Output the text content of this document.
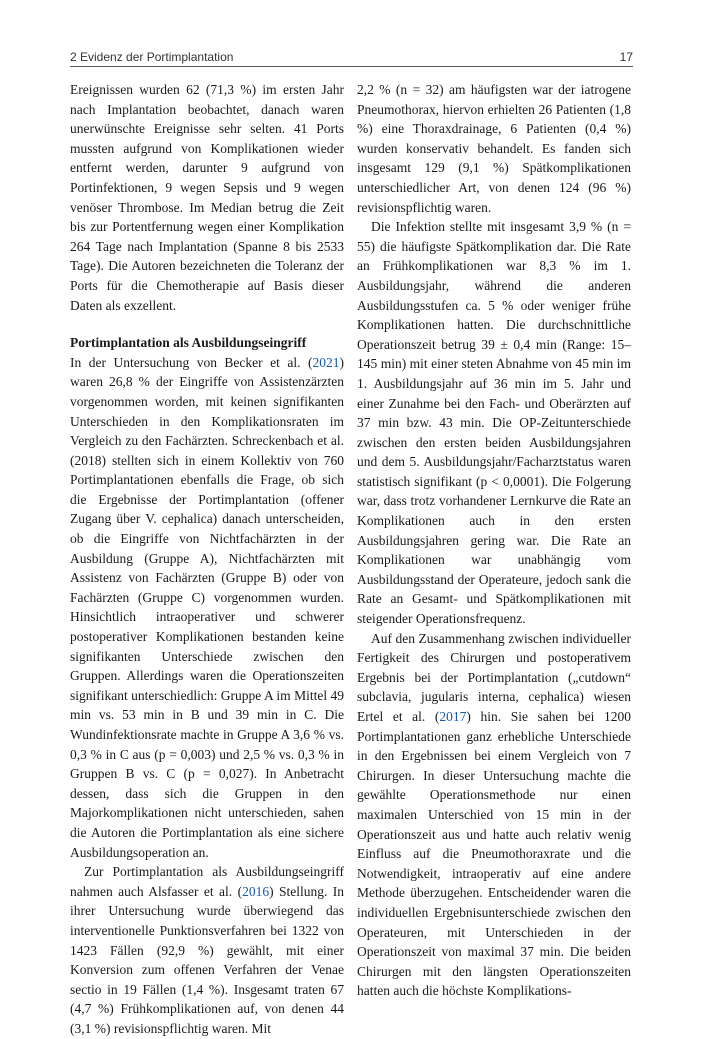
2 Evidenz der Portimplantation	17

Ereignissen wurden 62 (71,3 %) im ersten Jahr nach Implantation beobachtet, danach waren unerwünschte Ereignisse sehr selten. 41 Ports mussten aufgrund von Komplikationen wieder entfernt werden, darunter 9 aufgrund von Portinfektionen, 9 wegen Sepsis und 9 wegen venöser Thrombose. Im Median betrug die Zeit bis zur Portentfernung wegen einer Komplikation 264 Tage nach Implantation (Spanne 8 bis 2533 Tage). Die Autoren bezeichneten die Toleranz der Ports für die Chemotherapie auf Basis dieser Daten als exzellent.

Portimplantation als Ausbildungseingriff

In der Untersuchung von Becker et al. (2021) waren 26,8 % der Eingriffe von Assistenzärzten vorgenommen worden, mit keinen signifikanten Unterschieden in den Komplikationsraten im Vergleich zu den Fachärzten. Schreckenbach et al. (2018) stellten sich in einem Kollektiv von 760 Portimplantationen ebenfalls die Frage, ob sich die Ergebnisse der Portimplantation (offener Zugang über V. cephalica) danach unterscheiden, ob die Eingriffe von Nichtfachärzten in der Ausbildung (Gruppe A), Nichtfachärzten mit Assistenz von Fachärzten (Gruppe B) oder von Fachärzten (Gruppe C) vorgenommen wurden. Hinsichtlich intraoperativer und schwerer postoperativer Komplikationen bestanden keine signifikanten Unterschiede zwischen den Gruppen. Allerdings waren die Operationszeiten signifikant unterschiedlich: Gruppe A im Mittel 49 min vs. 53 min in B und 39 min in C. Die Wundinfektionsrate machte in Gruppe A 3,6 % vs. 0,3 % in C aus (p = 0,003) und 2,5 % vs. 0,3 % in Gruppen B vs. C (p = 0,027). In Anbetracht dessen, dass sich die Gruppen in den Majorkomplikationen nicht unterschieden, sahen die Autoren die Portimplantation als eine sichere Ausbildungsoperation an.

Zur Portimplantation als Ausbildungseingriff nahmen auch Alsfasser et al. (2016) Stellung. In ihrer Untersuchung wurde überwiegend das interventionelle Punktionsverfahren bei 1322 von 1423 Fällen (92,9 %) gewählt, mit einer Konversion zum offenen Verfahren der Venae sectio in 19 Fällen (1,4 %). Insgesamt traten 67 (4,7 %) Frühkomplikationen auf, von denen 44 (3,1 %) revisionspflichtig waren. Mit

2,2 % (n = 32) am häufigsten war der iatrogene Pneumothorax, hiervon erhielten 26 Patienten (1,8 %) eine Thoraxdrainage, 6 Patienten (0,4 %) wurden konservativ behandelt. Es fanden sich insgesamt 129 (9,1 %) Spätkomplikationen unterschiedlicher Art, von denen 124 (96 %) revisionspflichtig waren.

Die Infektion stellte mit insgesamt 3,9 % (n = 55) die häufigste Spätkomplikation dar. Die Rate an Frühkomplikationen war 8,3 % im 1. Ausbildungsjahr, während die anderen Ausbildungsstufen ca. 5 % oder weniger frühe Komplikationen hatten. Die durchschnittliche Operationszeit betrug 39 ± 0,4 min (Range: 15–145 min) mit einer steten Abnahme von 45 min im 1. Ausbildungsjahr auf 36 min im 5. Jahr und einer Zunahme bei den Fach- und Oberärzten auf 37 min bzw. 43 min. Die OP-Zeitunterschiede zwischen den ersten beiden Ausbildungsjahren und dem 5. Ausbildungsjahr/Facharztstatus waren statistisch signifikant (p < 0,0001). Die Folgerung war, dass trotz vorhandener Lernkurve die Rate an Komplikationen auch in den ersten Ausbildungsjahren gering war. Die Rate an Komplikationen war unabhängig vom Ausbildungsstand der Operateure, jedoch sank die Rate an Gesamt- und Spätkomplikationen mit steigender Operationsfrequenz.

Auf den Zusammenhang zwischen individueller Fertigkeit des Chirurgen und postoperativem Ergebnis bei der Portimplantation („cutdown“ subclavia, jugularis interna, cephalica) wiesen Ertel et al. (2017) hin. Sie sahen bei 1200 Portimplantationen ganz erhebliche Unterschiede in den Ergebnissen bei einem Vergleich von 7 Chirurgen. In dieser Untersuchung machte die gewählte Operationsmethode nur einen maximalen Unterschied von 15 min in der Operationszeit aus und hatte auch relativ wenig Einfluss auf die Pneumothoraxrate und die Notwendigkeit, intraoperativ auf eine andere Methode überzugehen. Entscheidender waren die individuellen Ergebnisunterschiede zwischen den Operateuren, mit Unterschieden in der Operationszeit von maximal 37 min. Die beiden Chirurgen mit den längsten Operationszeiten hatten auch die höchste Komplikations-
